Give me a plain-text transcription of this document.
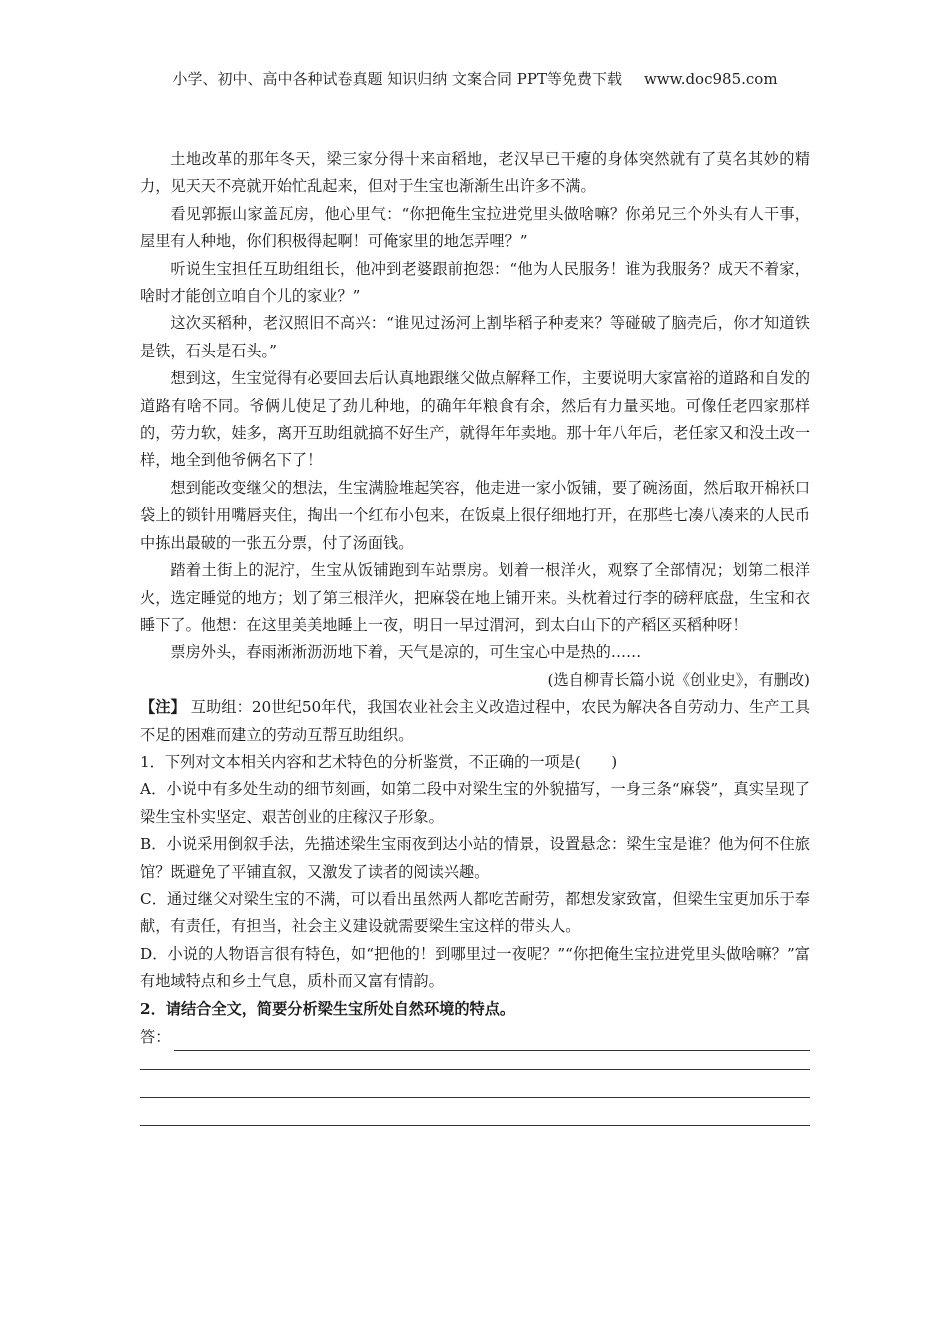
小学、初中、高中各种试卷真题 知识归纳 文案合同 PPT等免费下载 www.doc985.com

土地改革的那年冬天，梁三家分得十来亩稻地，老汉早已干瘪的身体突然就有了莫名其妙的精力，见天天不亮就开始忙乱起来，但对于生宝也渐渐生出许多不满。

看见郭振山家盖瓦房，他心里气：“你把俺生宝拉进党里头做啥嘛？你弟兄三个外头有人干事，屋里有人种地，你们积极得起啊！可俺家里的地怎弄哩？”

听说生宝担任互助组组长，他冲到老婆跟前抱怨：“他为人民服务！谁为我服务？成天不着家，啥时才能创立咱自个儿的家业？”

这次买稻种，老汉照旧不高兴：“谁见过汤河上割毕稻子种麦来？等碰破了脑壳后，你才知道铁是铁，石头是石头。”

想到这，生宝觉得有必要回去后认真地跟继父做点解释工作，主要说明大家富裕的道路和自发的道路有啥不同。爷俩儿使足了劲儿种地，的确年年粮食有余，然后有力量买地。可像任老四家那样的，劳力软，娃多，离开互助组就搞不好生产，就得年年卖地。那十年八年后，老任家又和没土改一样，地全到他爷俩名下了！

想到能改变继父的想法，生宝满脸堆起笑容，他走进一家小饭铺，要了碗汤面，然后取开棉袄口袋上的锁针用嘴唇夹住，掏出一个红布小包来，在饭桌上很仔细地打开，在那些七凑八凑来的人民币中拣出最破的一张五分票，付了汤面钱。

踏着土街上的泥泞，生宝从饭铺跑到车站票房。划着一根洋火，观察了全部情况；划第二根洋火，选定睡觉的地方；划了第三根洋火，把麻袋在地上铺开来。头枕着过行李的磅秤底盘，生宝和衣睡下了。他想：在这里美美地睡上一夜，明日一早过渭河，到太白山下的产稻区买稻种呀！

票房外头，春雨淅淅沥沥地下着，天气是凉的，可生宝心中是热的……

(选自柳青长篇小说《创业史》，有删改)

【注】 互助组：20世纪50年代，我国农业社会主义改造过程中，农民为解决各自劳动力、生产工具不足的困难而建立的劳动互帮互助组织。

1．下列对文本相关内容和艺术特色的分析鉴赏，不正确的一项是(　　)

A．小说中有多处生动的细节刻画，如第二段中对梁生宝的外貌描写，一身三条“麻袋”，真实呈现了梁生宝朴实坚定、艰苦创业的庄稼汉子形象。

B．小说采用倒叙手法，先描述梁生宝雨夜到达小站的情景，设置悬念：梁生宝是谁？他为何不住旅馆？既避免了平铺直叙，又激发了读者的阅读兴趣。

C．通过继父对梁生宝的不满，可以看出虽然两人都吃苦耐劳，都想发家致富，但梁生宝更加乐于奉献，有责任，有担当，社会主义建设就需要梁生宝这样的带头人。

D．小说的人物语言很有特色，如“把他的！到哪里过一夜呢？”“你把俺生宝拉进党里头做啥嘛？”富有地域特点和乡土气息，质朴而又富有情韵。

2．请结合全文，简要分析梁生宝所处自然环境的特点。

答：
